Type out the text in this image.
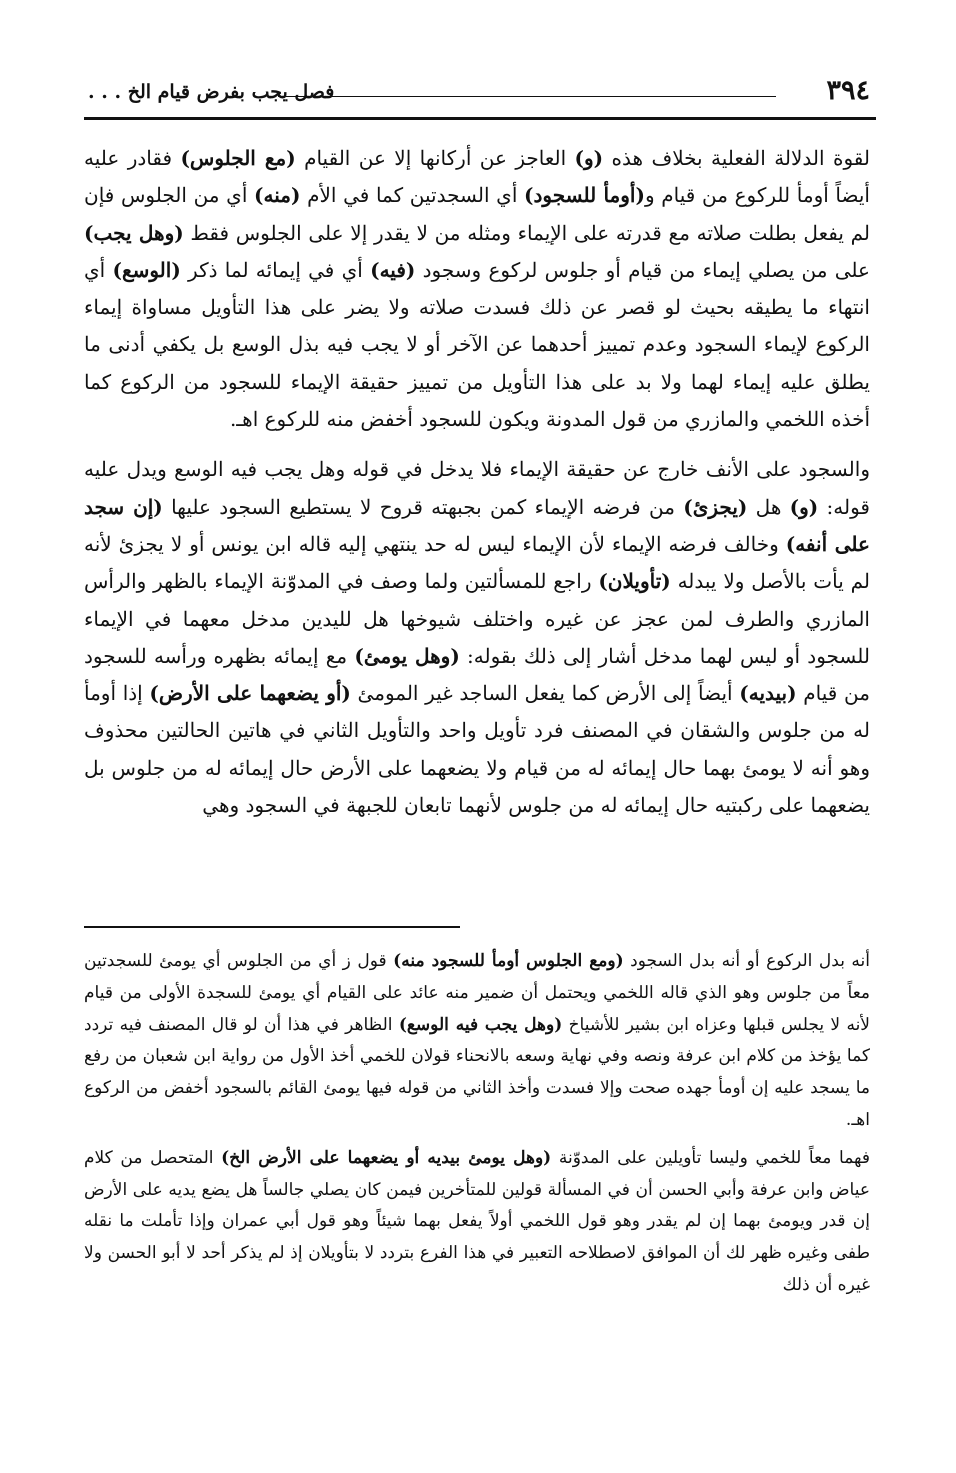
٣٩٤
فصل يجب بفرض قيام الخ . . .

لقوة الدلالة الفعلية بخلاف هذه (و) العاجز عن أركانها إلا عن القيام (مع الجلوس) فقادر عليه أيضاً أومأ للركوع من قيام و(أومأ للسجود) أي السجدتين كما في الأم (منه) أي من الجلوس فإن لم يفعل بطلت صلاته مع قدرته على الإيماء ومثله من لا يقدر إلا على الجلوس فقط (وهل يجب) على من يصلي إيماء من قيام أو جلوس لركوع وسجود (فيه) أي في إيمائه لما ذكر (الوسع) أي انتهاء ما يطيقه بحيث لو قصر عن ذلك فسدت صلاته ولا يضر على هذا التأويل مساواة إيماء الركوع لإيماء السجود وعدم تمييز أحدهما عن الآخر أو لا يجب فيه بذل الوسع بل يكفي أدنى ما يطلق عليه إيماء لهما ولا بد على هذا التأويل من تمييز حقيقة الإيماء للسجود من الركوع كما أخذه اللخمي والمازري من قول المدونة ويكون للسجود أخفض منه للركوع اهـ.

والسجود على الأنف خارج عن حقيقة الإيماء فلا يدخل في قوله وهل يجب فيه الوسع ويدل عليه قوله: (و) هل (يجزئ) من فرضه الإيماء كمن بجبهته قروح لا يستطيع السجود عليها (إن سجد على أنفه) وخالف فرضه الإيماء لأن الإيماء ليس له حد ينتهي إليه قاله ابن يونس أو لا يجزئ لأنه لم يأت بالأصل ولا يبدله (تأويلان) راجع للمسألتين ولما وصف في المدوّنة الإيماء بالظهر والرأس المازري والطرف لمن عجز عن غيره واختلف شيوخها هل لليدين مدخل معهما في الإيماء للسجود أو ليس لهما مدخل أشار إلى ذلك بقوله: (وهل يومئ) مع إيمائه بظهره ورأسه للسجود من قيام (بيديه) أيضاً إلى الأرض كما يفعل الساجد غير المومئ (أو يضعهما على الأرض) إذا أومأ له من جلوس والشقان في المصنف فرد تأويل واحد والتأويل الثاني في هاتين الحالتين محذوف وهو أنه لا يومئ بهما حال إيمائه له من قيام ولا يضعهما على الأرض حال إيمائه له من جلوس بل يضعهما على ركبتيه حال إيمائه له من جلوس لأنهما تابعان للجبهة في السجود وهي

أنه بدل الركوع أو أنه بدل السجود (ومع الجلوس أومأ للسجود منه) قول ز أي من الجلوس أي يومئ للسجدتين معاً من جلوس وهو الذي قاله اللخمي ويحتمل أن ضمير منه عائد على القيام أي يومئ للسجدة الأولى من قيام لأنه لا يجلس قبلها وعزاه ابن بشير للأشياخ (وهل يجب فيه الوسع) الظاهر في هذا أن لو قال المصنف فيه تردد كما يؤخذ من كلام ابن عرفة ونصه وفي نهاية وسعه بالانحناء قولان للخمي أخذ الأول من رواية ابن شعبان من رفع ما يسجد عليه إن أومأ جهده صحت وإلا فسدت وأخذ الثاني من قوله فيها يومئ القائم بالسجود أخفض من الركوع اهـ.

فهما معاً للخمي وليسا تأويلين على المدوّنة (وهل يومئ بيديه أو يضعهما على الأرض الخ) المتحصل من كلام عياض وابن عرفة وأبي الحسن أن في المسألة قولين للمتأخرين فيمن كان يصلي جالساً هل يضع يديه على الأرض إن قدر ويومئ بهما إن لم يقدر وهو قول اللخمي أولاً يفعل بهما شيئاً وهو قول أبي عمران وإذا تأملت ما نقله طفى وغيره ظهر لك أن الموافق لاصطلاحه التعبير في هذا الفرع بتردد لا بتأويلان إذ لم يذكر أحد لا أبو الحسن ولا غيره أن ذلك
